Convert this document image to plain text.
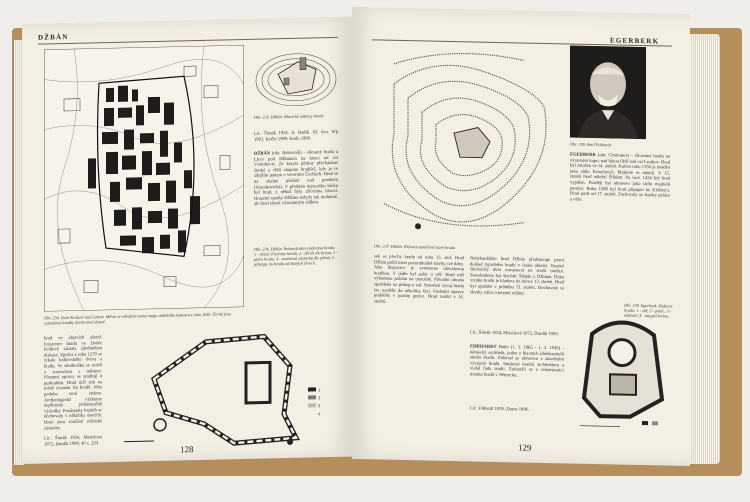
DŽBÁN
Obr. 235. Džbán. Hlavické nákresy hradu
Lit.: Šimák 1934. Ir. Hadík. Sý. dva. Wp 1903, Kočín 1989, Kodo 1996.
DŽBÁN (okr. Rakovník) - sítosaný hrada u Litvy pod Džbánem na konci od vsi Vsetohovic. Ze koryta přetiny přecházíme široké a větší skupinu hradiště, kde je to zdejším pánem v severním Čechách. Hrad se na skalné plošině nad potokem (Vostohovická). V předním nejstarším bloku byl hrad, z něhož byla zřícenina hlavní. Hrazené sparky Džbánu nebyly tak mohutné, ale hrad zůstal významným sídlem.
Obr. 236. Džbán. Rekonstrukce půdorysu hradu: 1 - drahé zřiceniny hradu, 2 - zbraň obrácena, 3 - jádro hradu, 4 - současná zástavba dle plánů, 5 - přístupy do hradu od Starých Dvorů.
Obr. 234. Dvůr Králové nad Labem. Město ve středním úseku mapy stabilního katastru z roku 1840. Černě jsou vyznačeny hradby dochované dosud.
hrad ve zbytcích zůstal. Existence hradu ve Dvoře Králové zůstala předmětem diskuse. Zpráva z roku 1270 se týkala královského dvora a hradu. Ve středověku se uvádí v souvislosti s městem. Písemné zprávy se zmiňují o purkrabím. Hrad měl stát na místě zvaném Na hradě. Jeho podoba není známa. Archeologické výzkumy nepřinesly jednoznačné výsledky. Pozůstatky hradeb se dochovaly v několika úsecích. Dnes jsou součástí městské zástavby.
Lit.: Šimák 1934, Menclová 1972, Durdík 1999, 40 s. 220.
1
2
3
4
128
EGERBERK
Obr. 237. Džbán. Plánový zaměřené staré hradu
Obr. 238. Emil Eckhardt
EGERBERK (okr. Chomutov) - zřícenina hradu na výrazném kopci nad řekou Ohří nad vsí Lestkov. Hrad byl založen ve 14. století. Kolem roku 1350 je uváděn jako sídlo Kraselovců. Majitelé se měnili. V 15. století hrad náležel Šlikům. Po roce 1434 byl hrad vypálen. Později byl obnoven jako sídlo majitelů panství. Roku 1588 byl hrad připojen ke Klášterci. Hrad pustl od 17. století. Zachovaly se zbytky paláce a věže.
Obr. 239. Egerberk. Půdorys hradu: 1 - věž, 2 - palác, 3 - nádvoří, 4 - vstupní brána.
sek se plochy hradu od roku 13. stol. Hrad Džbán patřil mezi pozoruhodné stavby své doby. Jeho dispozice je vymezena obvodovou hradbou. V jádře byl palác a věž. Hrad měl výhodnou polohu na ostrožně. Původní obrana spoléhala na příkop a val. Stavební vývoj hradu lze rozdělit do několika fází. Poslední úpravy proběhly v pozdní gotice. Hrad zanikl v 16. století.
Nehybanějším hrad Džbán představuje první doklad typického hradu v české oblasti. Vysoký šlechtický dvůr navazoval na starší tradice. Stavebníkem byl šlechtic Štěpán z Džbánu. Doba vzniku hradu je kladena do konce 13. století. Hrad byl opuštěn v průběhu 15. století. Dochovaly se zbytky zdiva a terénní relikty.
Lit.: Šimák 1934, Menclová 1972, Durdík 1999.
EHRHARDT Bodo (1. 3. 1865 - 1. 2. 1945) - německý architekt, jeden z hlavních představitelů studia hradů. Zabýval se obnovou a stavebním vývojem hradů. Studoval hradní architekturu a vydal řadu studií. Zasloužil se o rekonstrukci mnoha hradů v Německu.
Lit.: Ebhardt 1939, Zeune 1996.
129
